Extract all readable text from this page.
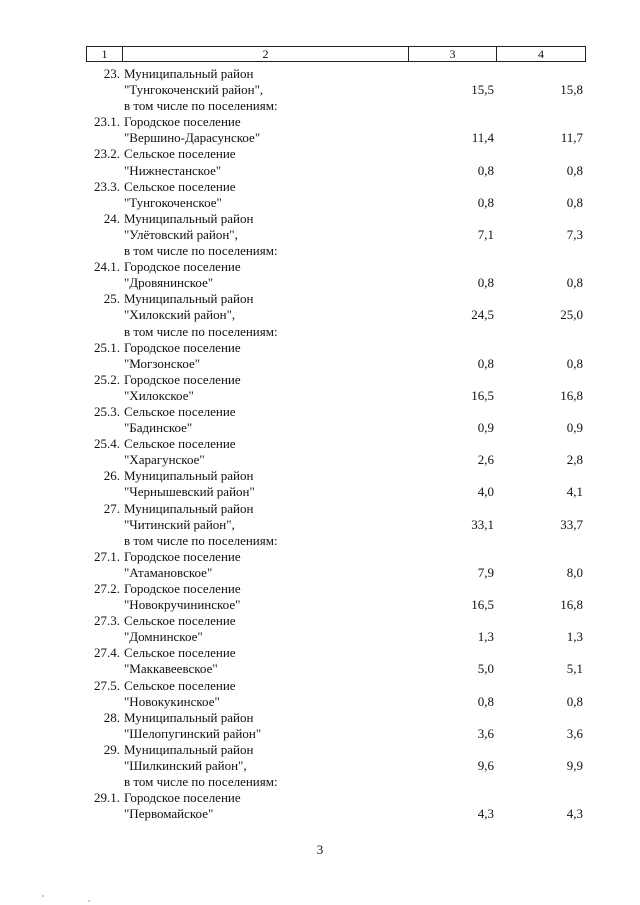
1	2	3	4
23. Муниципальный район
"Тунгокоченский район",	15,5	15,8
в том числе по поселениям:
23.1. Городское поселение
"Вершино-Дарасунское"	11,4	11,7
23.2. Сельское поселение
"Нижнестанское"	0,8	0,8
23.3. Сельское поселение
"Тунгокоченское"	0,8	0,8
24. Муниципальный район
"Улётовский район",	7,1	7,3
в том числе по поселениям:
24.1. Городское поселение
"Дровянинское"	0,8	0,8
25. Муниципальный район
"Хилокский район",	24,5	25,0
в том числе по поселениям:
25.1. Городское поселение
"Могзонское"	0,8	0,8
25.2. Городское поселение
"Хилокское"	16,5	16,8
25.3. Сельское поселение
"Бадинское"	0,9	0,9
25.4. Сельское поселение
"Харагунское"	2,6	2,8
26. Муниципальный район
"Чернышевский район"	4,0	4,1
27. Муниципальный район
"Читинский район",	33,1	33,7
в том числе по поселениям:
27.1. Городское поселение
"Атамановское"	7,9	8,0
27.2. Городское поселение
"Новокручининское"	16,5	16,8
27.3. Сельское поселение
"Домнинское"	1,3	1,3
27.4. Сельское поселение
"Маккавеевское"	5,0	5,1
27.5. Сельское поселение
"Новокукинское"	0,8	0,8
28. Муниципальный район
"Шелопугинский район"	3,6	3,6
29. Муниципальный район
"Шилкинский район",	9,6	9,9
в том числе по поселениям:
29.1. Городское поселение
"Первомайское"	4,3	4,3
3
